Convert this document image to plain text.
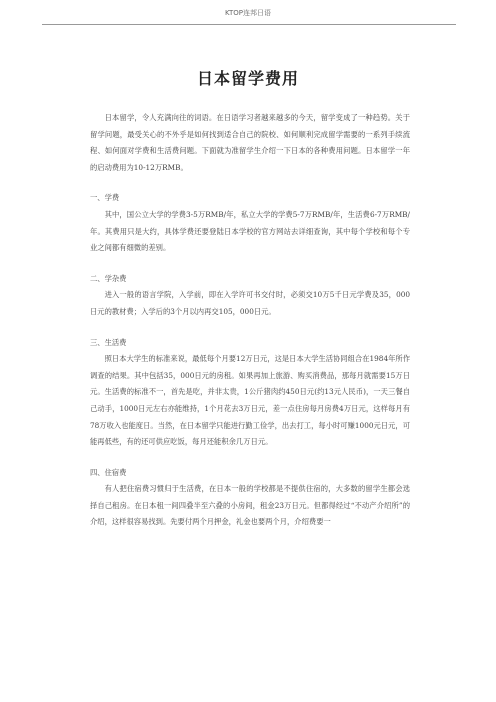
KTOP连邦日语
日本留学费用

日本留学，令人充满向往的词语。在日语学习者越来越多的今天，留学变成了一种趋势。关于留学问题，最受关心的不外乎是如何找到适合自己的院校、如何顺利完成留学需要的一系列手续流程、如何面对学费和生活费问题。下面就为准留学生介绍一下日本的各种费用问题。日本留学一年的启动费用为10-12万RMB。

一、学费

其中，国公立大学的学费3-5万RMB/年，私立大学的学费5-7万RMB/年，生活费6-7万RMB/年。其费用只是大约，具体学费还要登陆日本学校的官方网站去详细查询，其中每个学校和每个专业之间都有细微的差别。

二、学杂费

进入一般的语言学院，入学前，即在入学许可书交付时，必须交10万5千日元学费及35，000日元的教材费；入学后的3个月以内再交105，000日元。

三、生活费

照日本大学生的标准来说，最低每个月要12万日元，这是日本大学生活协同组合在1984年所作调查的结果。其中包括35，000日元的房租。如果再加上旅游、购买消费品，那每月就需要15万日元。生活费的标准不一，首先是吃，并非太贵，1公斤猪肉约450日元(约13元人民币)，一天三餐自己动手，1000日元左右亦能维持，1个月花去3万日元，差一点住房每月房费4万日元，这样每月有78万收入也能度日。当然，在日本留学只能进行勤工俭学，出去打工，每小时可赚1000元日元，可能再低些，有的还可供应吃饭，每月还能积余几万日元。

四、住宿费

有人把住宿费习惯归于生活费，在日本一般的学校都是不提供住宿的，大多数的留学生都会选择自己租房。在日本租一间四叠半至六叠的小房间，租金23万日元。但都得经过“不动产介绍所”的介绍，这样很容易找到。先要付两个月押金，礼金也要两个月，介绍费要一
